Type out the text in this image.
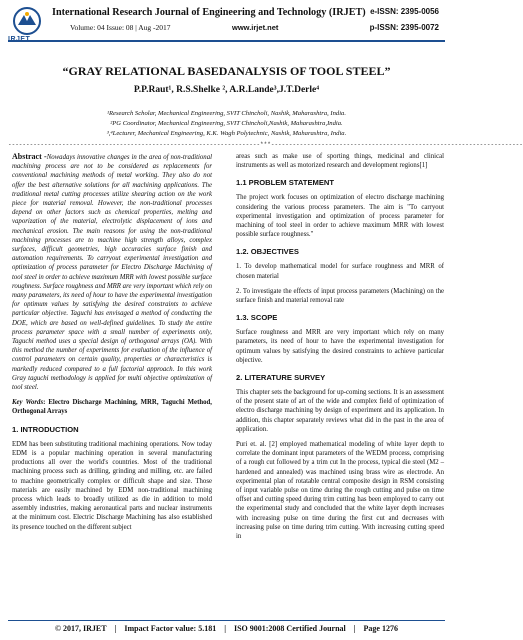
International Research Journal of Engineering and Technology (IRJET) e-ISSN: 2395-0056
Volume: 04 Issue: 08 | Aug -2017	www.irjet.net	p-ISSN: 2395-0072
“GRAY RELATIONAL BASEDANALYSIS OF TOOL STEEL”
P.P.Raut¹, R.S.Shelke ², A.R.Lande³,J.T.Derle⁴
¹Research Scholar, Mechanical Engineering, SVIT Chincholi, Nashik, Maharashtra, India.
²PG Coordinator, Mechanical Engineering, SVIT Chincholi,Nashik, Maharashtra,India.
³,⁴Lecturer, Mechanical Engineering, K.K. Wagh Polytechnic, Nashik, Maharashtra, India.
----------------------------------------------------------------------***----------------------------------------------------------------------

Abstract -Nowadays innovative changes in the area of non-traditional machining process are not to be considered as replacements for conventional machining methods of metal working. They also do not offer the best alternative solutions for all machining applications. The traditional metal cutting processes utilize shearing action on the work piece for material removal. However, the non-traditional processes depend on other factors such as chemical properties, melting and vaporization of the material, electrolytic displacement of ions and mechanical erosion. The main reasons for using the non-traditional machining processes are to machine high strength alloys, complex surfaces, difficult geometries, high accuracies surface finish and automation requirements. To carryout experimental investigation and optimization of process parameter for Electro Discharge Machining of tool steel in order to achieve maximum MRR with lowest possible surface roughness. Surface roughness and MRR are very important which rely on many parameters, its need of hour to have the experimental investigation for optimum values by satisfying the desired constraints to achieve particular objective. Taguchi has envisaged a method of conducting the DOE, which are based on well-defined guidelines. To study the entire process parameter space with a small number of experiments only, Taguchi method uses a special design of orthogonal arrays (OA). With this method the number of experiments for evaluation of the influence of control parameters on certain quality, properties or characteristics is markedly reduced compared to a full factorial approach. In this work Gray taguchi methodology is applied for multi objective optimization of tool steel.

Key Words: Electro Discharge Machining, MRR, Taguchi Method, Orthogonal Arrays

1. INTRODUCTION

EDM has been substituting traditional machining operations. Now today EDM is a popular machining operation in several manufacturing productions all over the world's countries. Most of the traditional machining process such as drilling, grinding and milling, etc. are failed to machine geometrically complex or difficult shape and size. Those materials are easily machined by EDM non-traditional machining process which leads to broadly utilized as die in addition to mold assembly industries, making aeronautical parts and nuclear instruments at the minimum cost. Electric Discharge Machining has also established its presence touched on the different subject

areas such as make use of sporting things, medicinal and clinical instruments as well as motorized research and development regions[1]

1.1 PROBLEM STATEMENT

The project work focuses on optimization of electro discharge machining considering the various process parameters. The aim is "To carryout experimental investigation and optimization of process parameter for machining of tool steel in order to achieve maximum MRR with lowest possible surface roughness."

1.2. OBJECTIVES

1. To develop mathematical model for surface roughness and MRR of chosen material

2. To investigate the effects of input process parameters (Machining) on the surface finish and material removal rate

1.3. SCOPE

Surface roughness and MRR are very important which rely on many parameters, its need of hour to have the experimental investigation for optimum values by satisfying the desired constraints to achieve particular objective.

2. LITERATURE SURVEY

This chapter sets the background for up-coming sections. It is an assessment of the present state of art of the wide and complex field of optimization of electro discharge machining by design of experiment and its application. In addition, this chapter separately reviews what did in the past in the area of application.

Puri et. al. [2] employed mathematical modeling of white layer depth to correlate the dominant input parameters of the WEDM process, comprising of a rough cut followed by a trim cut In the process, typical die steel (M2 – hardened and annealed) was machined using brass wire as electrode. An experimental plan of rotatable central composite design in RSM consisting of input variable pulse on time during the rough cutting and pulse on time offset and cutting speed during trim cutting has been employed to carry out the experimental study and concluded that the white layer depth increases with increasing pulse on time during the first cut and decreases with increasing pulse on time during trim cutting. With increasing cutting speed in

© 2017, IRJET | Impact Factor value: 5.181 | ISO 9001:2008 Certified Journal | Page 1276
